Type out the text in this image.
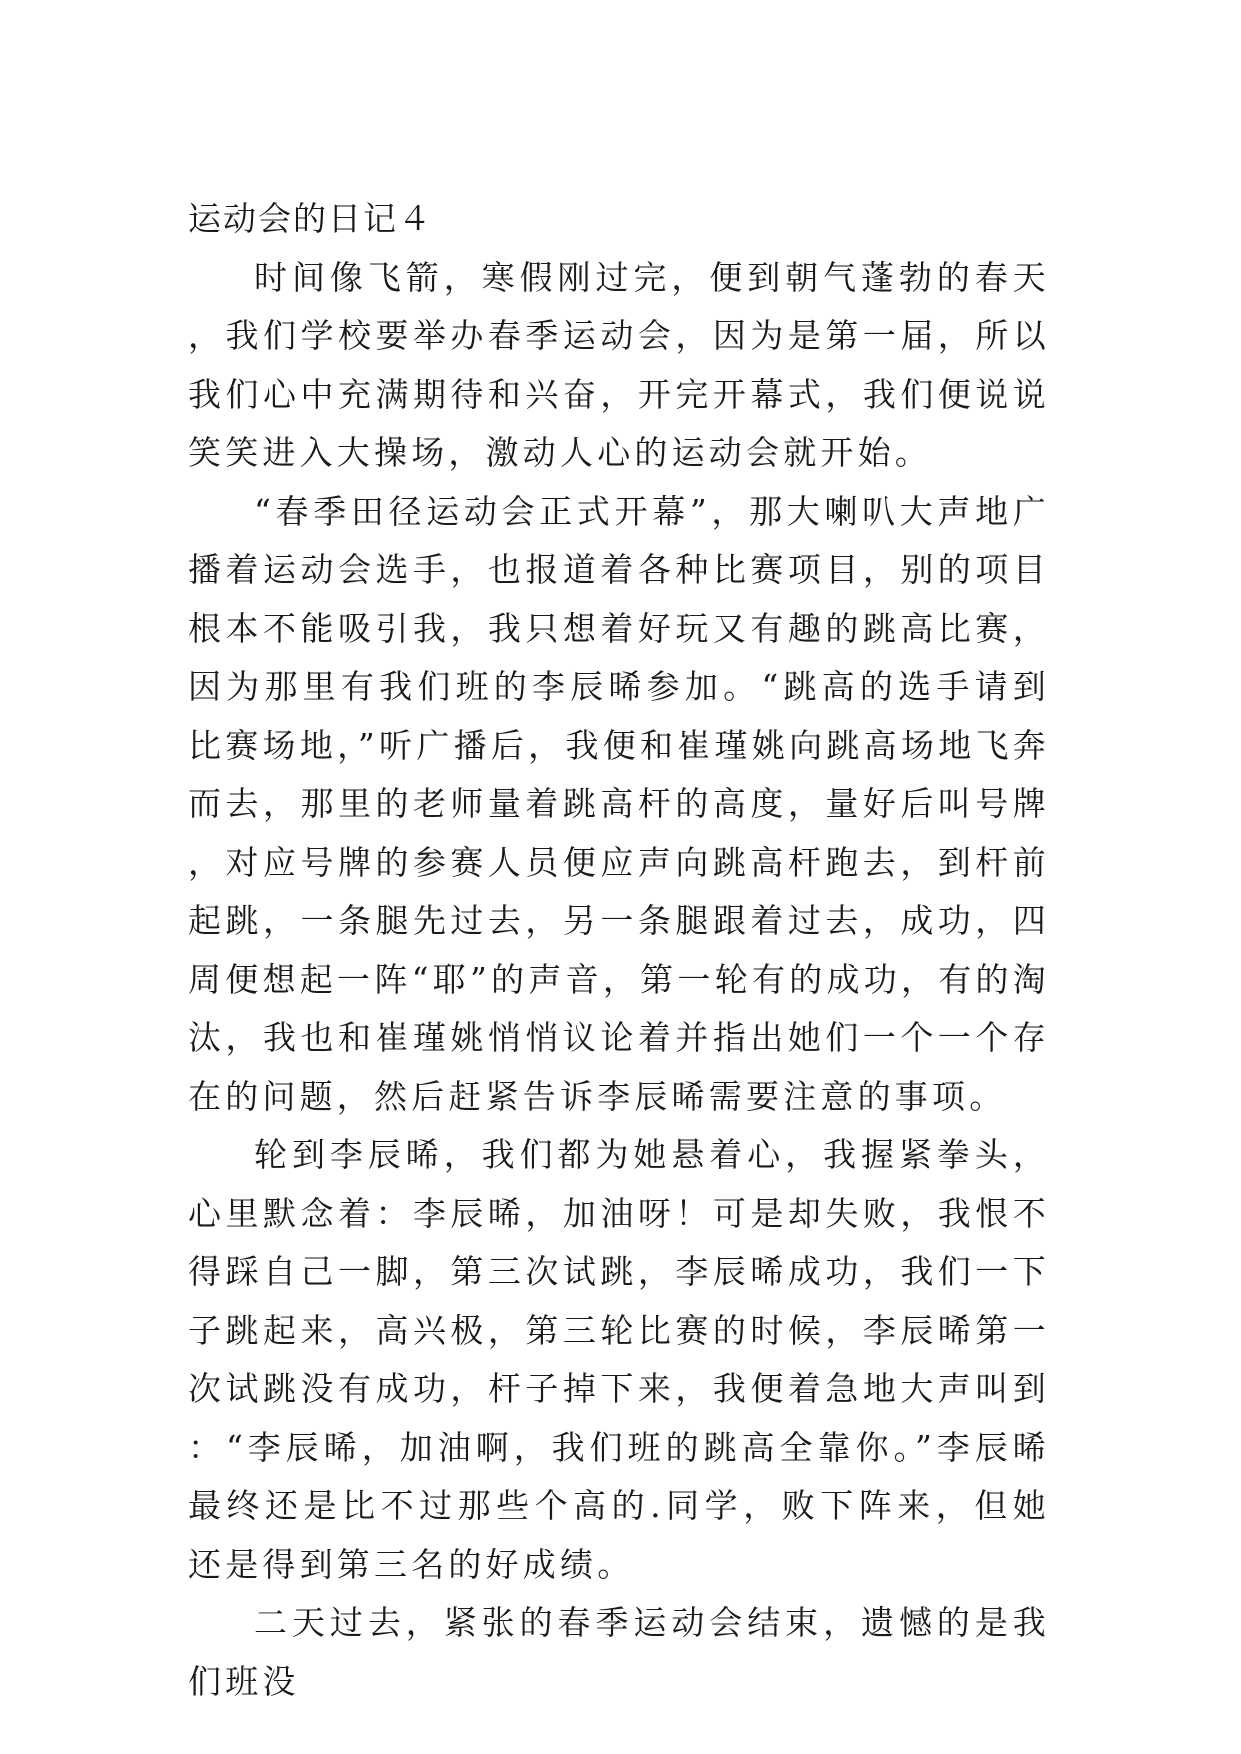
运动会的日记４

时间像飞箭，寒假刚过完，便到朝气蓬勃的春天，我们学校要举办春季运动会，因为是第一届，所以我们心中充满期待和兴奋，开完开幕式，我们便说说笑笑进入大操场，激动人心的运动会就开始。

“春季田径运动会正式开幕”，那大喇叭大声地广播着运动会选手，也报道着各种比赛项目，别的项目根本不能吸引我，我只想着好玩又有趣的跳高比赛，因为那里有我们班的李辰晞参加。“跳高的选手请到比赛场地，”听广播后，我便和崔瑾姚向跳高场地飞奔而去，那里的老师量着跳高杆的高度，量好后叫号牌，对应号牌的参赛人员便应声向跳高杆跑去，到杆前起跳，一条腿先过去，另一条腿跟着过去，成功，四周便想起一阵“耶”的声音，第一轮有的成功，有的淘汰，我也和崔瑾姚悄悄议论着并指出她们一个一个存在的问题，然后赶紧告诉李辰晞需要注意的事项。

轮到李辰晞，我们都为她悬着心，我握紧拳头，心里默念着：李辰晞，加油呀！可是却失败，我恨不得踩自己一脚，第三次试跳，李辰晞成功，我们一下子跳起来，高兴极，第三轮比赛的时候，李辰晞第一次试跳没有成功，杆子掉下来，我便着急地大声叫到：“李辰晞，加油啊，我们班的跳高全靠你。”李辰晞最终还是比不过那些个高的.同学，败下阵来，但她还是得到第三名的好成绩。

二天过去，紧张的春季运动会结束，遗憾的是我们班没
